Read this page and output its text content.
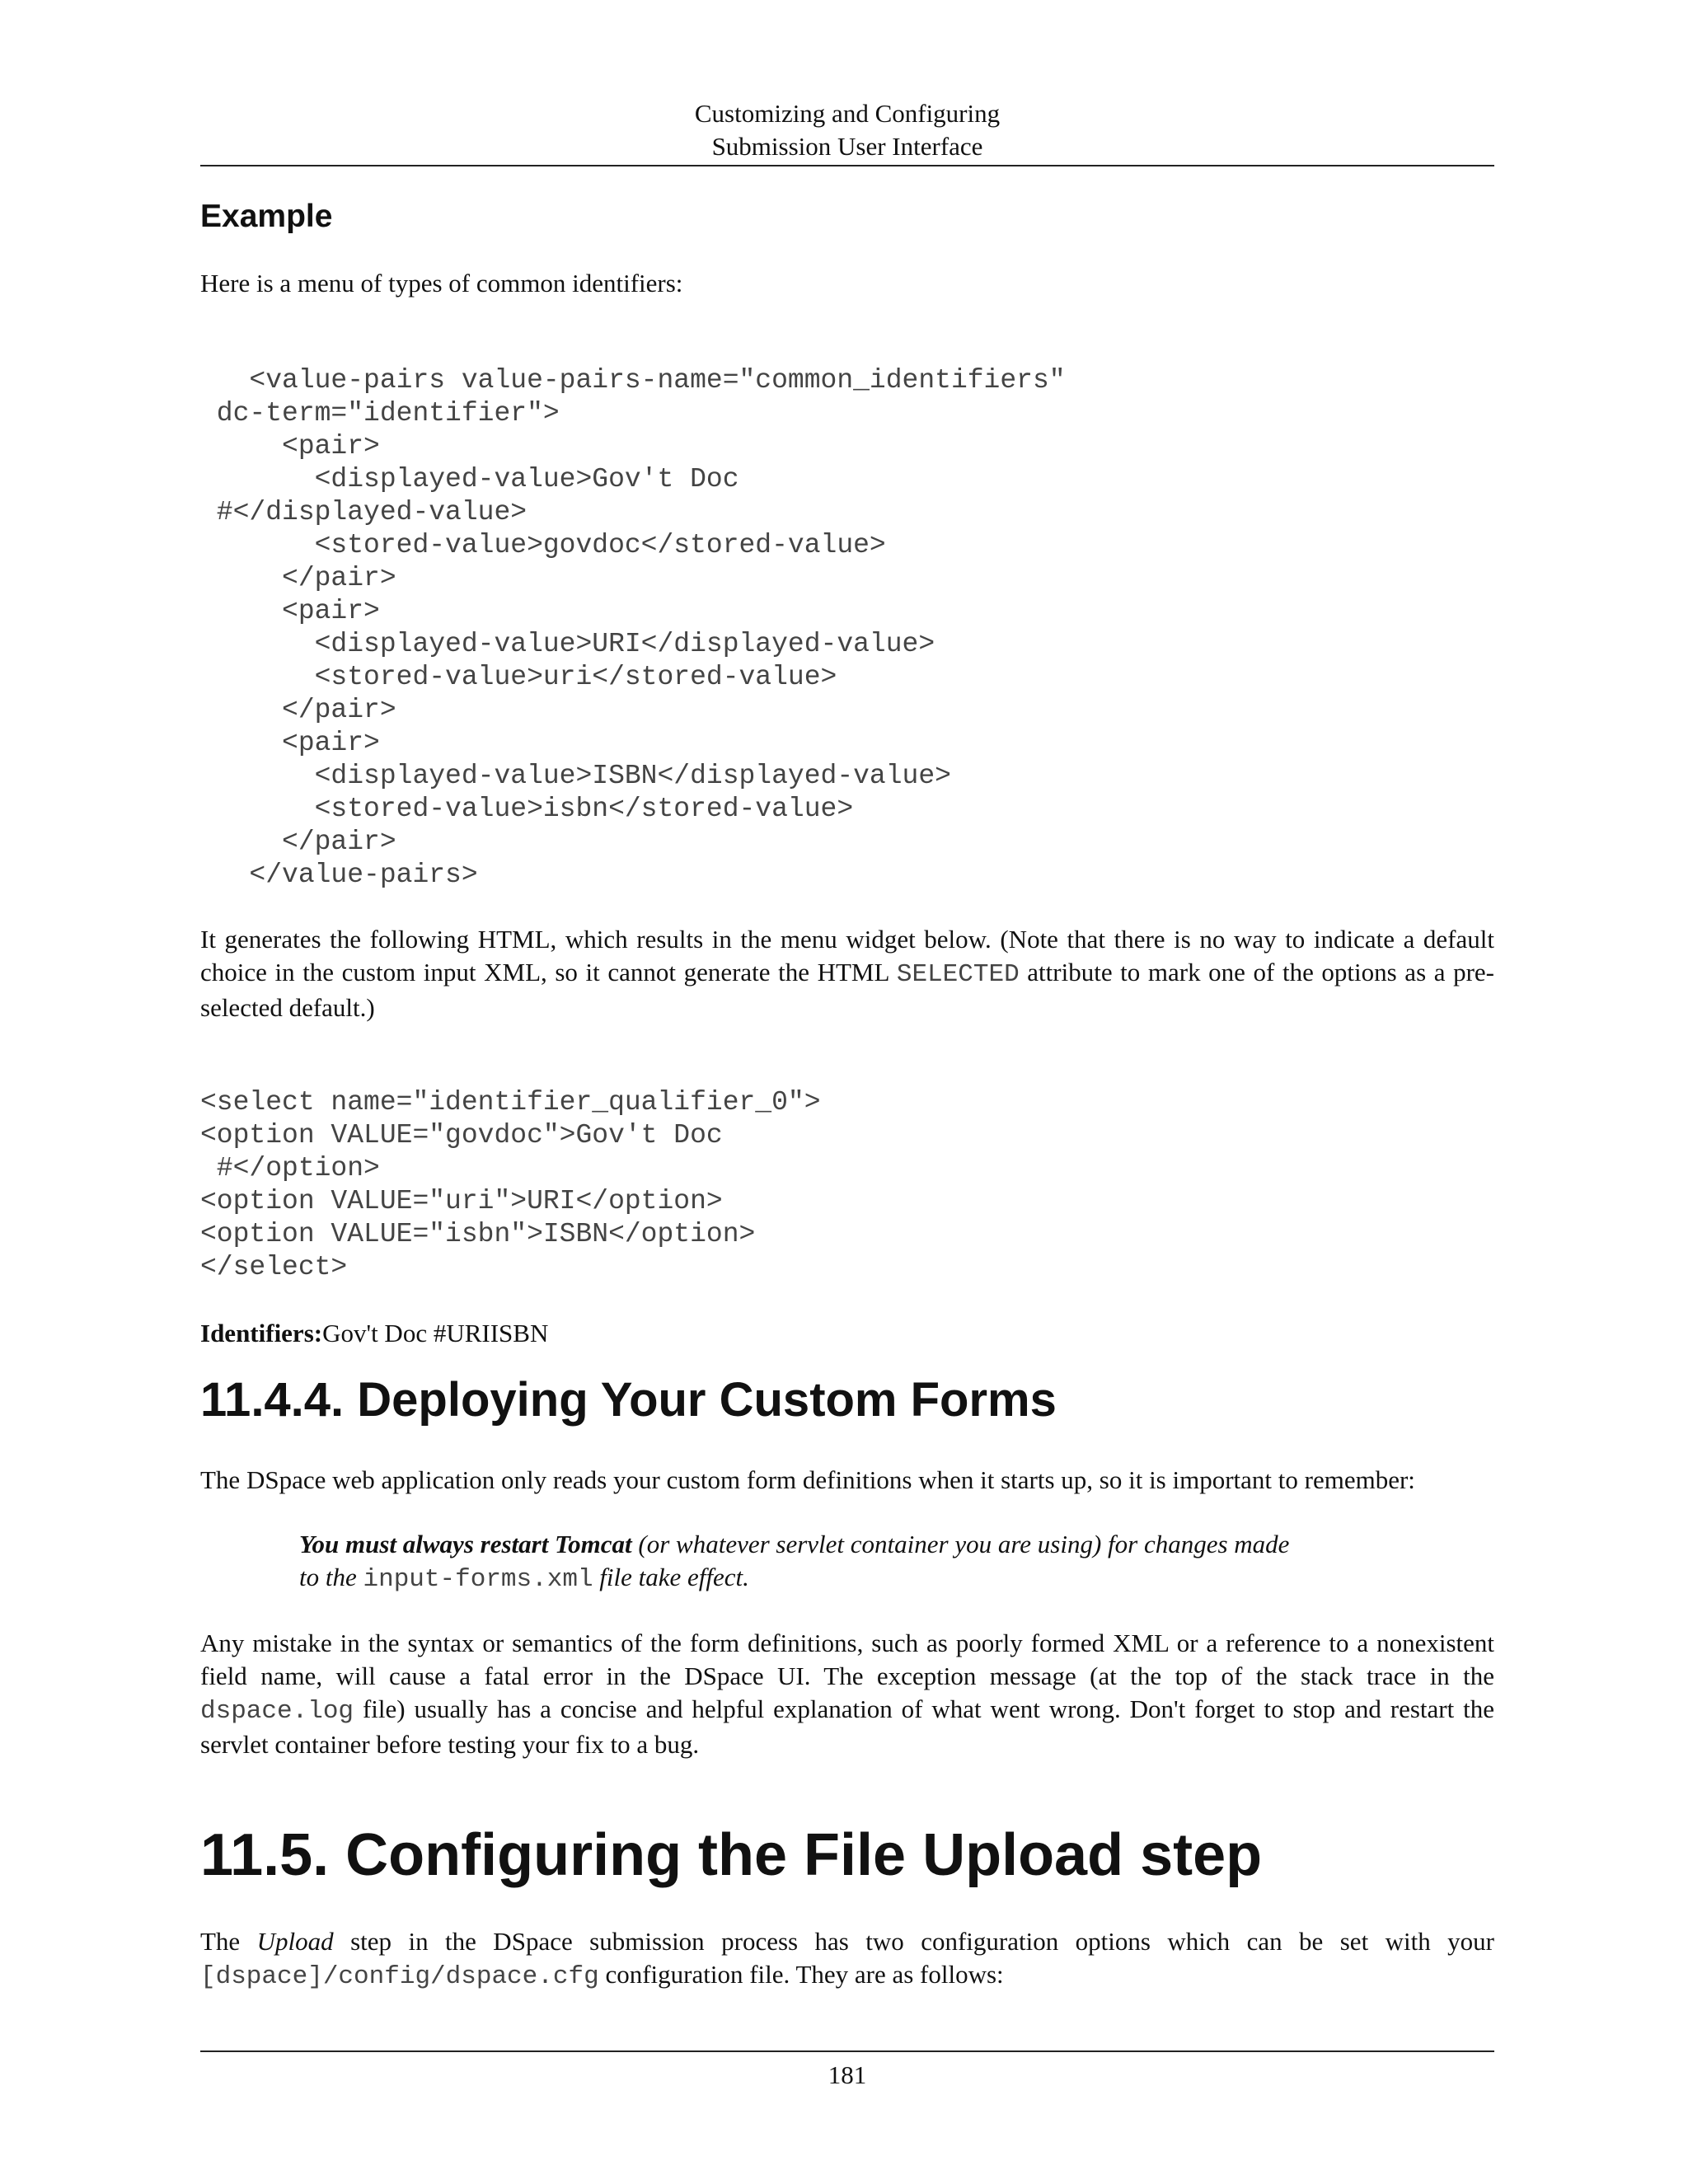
Customizing and Configuring
Submission User Interface
Example

Here is a menu of types of common identifiers:

<value-pairs value-pairs-name="common_identifiers"
dc-term="identifier">
<pair>
<displayed-value>Gov't Doc
#</displayed-value>
<stored-value>govdoc</stored-value>
</pair>
<pair>
<displayed-value>URI</displayed-value>
<stored-value>uri</stored-value>
</pair>
<pair>
<displayed-value>ISBN</displayed-value>
<stored-value>isbn</stored-value>
</pair>
</value-pairs>

It generates the following HTML, which results in the menu widget below. (Note that there is no way to indicate a default choice in the custom input XML, so it cannot generate the HTML SELECTED attribute to mark one of the options as a pre-selected default.)

<select name="identifier_qualifier_0">
<option VALUE="govdoc">Gov't Doc
#</option>
<option VALUE="uri">URI</option>
<option VALUE="isbn">ISBN</option>
</select>
Identifiers:Gov't Doc #URIISBN
11.4.4. Deploying Your Custom Forms

The DSpace web application only reads your custom form definitions when it starts up, so it is important to remember:

You must always restart Tomcat (or whatever servlet container you are using) for changes made
to the input-forms.xml file take effect.

Any mistake in the syntax or semantics of the form definitions, such as poorly formed XML or a reference to a nonexistent field name, will cause a fatal error in the DSpace UI. The exception message (at the top of the stack trace in the dspace.log file) usually has a concise and helpful explanation of what went wrong. Don't forget to stop and restart the servlet container before testing your fix to a bug.

11.5. Configuring the File Upload step

The Upload step in the DSpace submission process has two configuration options which can be set with your [dspace]/config/dspace.cfg configuration file. They are as follows:

181
